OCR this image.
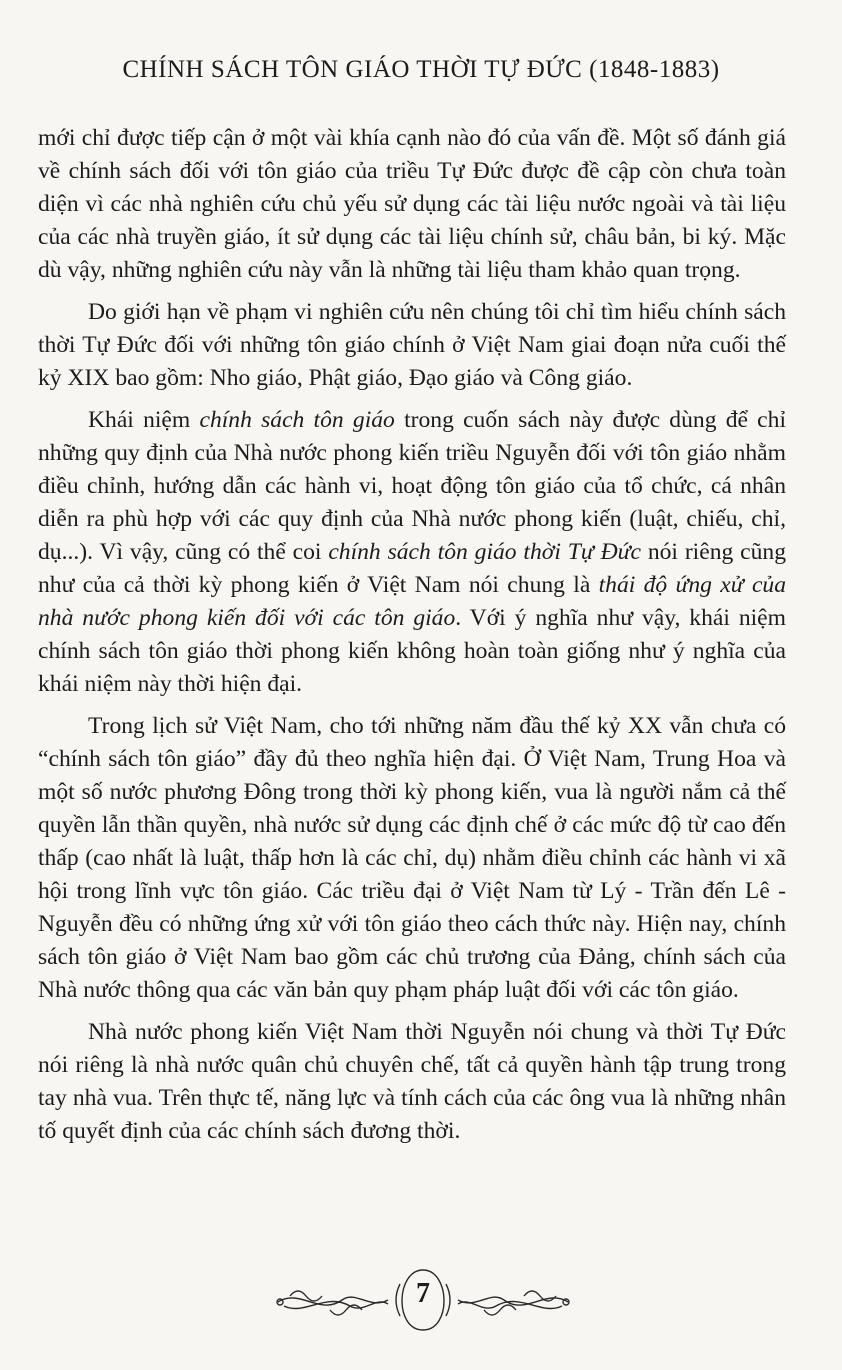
CHÍNH SÁCH TÔN GIÁO THỜI TỰ ĐỨC (1848-1883)

mới chỉ được tiếp cận ở một vài khía cạnh nào đó của vấn đề. Một số đánh giá về chính sách đối với tôn giáo của triều Tự Đức được đề cập còn chưa toàn diện vì các nhà nghiên cứu chủ yếu sử dụng các tài liệu nước ngoài và tài liệu của các nhà truyền giáo, ít sử dụng các tài liệu chính sử, châu bản, bi ký. Mặc dù vậy, những nghiên cứu này vẫn là những tài liệu tham khảo quan trọng.

Do giới hạn về phạm vi nghiên cứu nên chúng tôi chỉ tìm hiểu chính sách thời Tự Đức đối với những tôn giáo chính ở Việt Nam giai đoạn nửa cuối thế kỷ XIX bao gồm: Nho giáo, Phật giáo, Đạo giáo và Công giáo.

Khái niệm chính sách tôn giáo trong cuốn sách này được dùng để chỉ những quy định của Nhà nước phong kiến triều Nguyễn đối với tôn giáo nhằm điều chỉnh, hướng dẫn các hành vi, hoạt động tôn giáo của tổ chức, cá nhân diễn ra phù hợp với các quy định của Nhà nước phong kiến (luật, chiếu, chỉ, dụ...). Vì vậy, cũng có thể coi chính sách tôn giáo thời Tự Đức nói riêng cũng như của cả thời kỳ phong kiến ở Việt Nam nói chung là thái độ ứng xử của nhà nước phong kiến đối với các tôn giáo. Với ý nghĩa như vậy, khái niệm chính sách tôn giáo thời phong kiến không hoàn toàn giống như ý nghĩa của khái niệm này thời hiện đại.

Trong lịch sử Việt Nam, cho tới những năm đầu thế kỷ XX vẫn chưa có “chính sách tôn giáo” đầy đủ theo nghĩa hiện đại. Ở Việt Nam, Trung Hoa và một số nước phương Đông trong thời kỳ phong kiến, vua là người nắm cả thế quyền lẫn thần quyền, nhà nước sử dụng các định chế ở các mức độ từ cao đến thấp (cao nhất là luật, thấp hơn là các chỉ, dụ) nhằm điều chỉnh các hành vi xã hội trong lĩnh vực tôn giáo. Các triều đại ở Việt Nam từ Lý - Trần đến Lê - Nguyễn đều có những ứng xử với tôn giáo theo cách thức này. Hiện nay, chính sách tôn giáo ở Việt Nam bao gồm các chủ trương của Đảng, chính sách của Nhà nước thông qua các văn bản quy phạm pháp luật đối với các tôn giáo.

Nhà nước phong kiến Việt Nam thời Nguyễn nói chung và thời Tự Đức nói riêng là nhà nước quân chủ chuyên chế, tất cả quyền hành tập trung trong tay nhà vua. Trên thực tế, năng lực và tính cách của các ông vua là những nhân tố quyết định của các chính sách đương thời.

7
